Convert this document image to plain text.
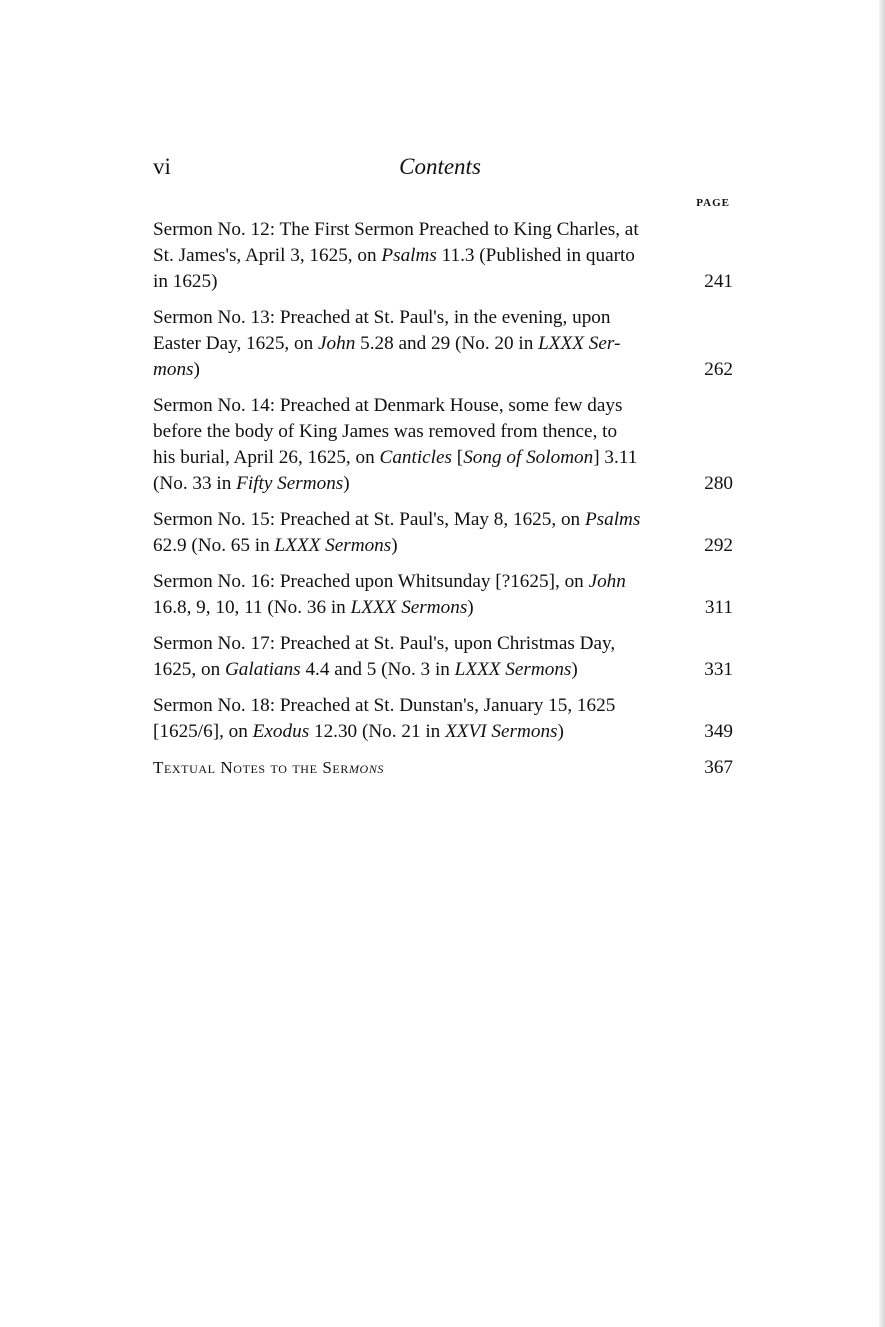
vi	Contents
PAGE
Sermon No. 12: The First Sermon Preached to King Charles, at
St. James's, April 3, 1625, on Psalms 11.3 (Published in quarto
in 1625)	241
Sermon No. 13: Preached at St. Paul's, in the evening, upon
Easter Day, 1625, on John 5.28 and 29 (No. 20 in LXXX Ser-
mons)	262
Sermon No. 14: Preached at Denmark House, some few days
before the body of King James was removed from thence, to
his burial, April 26, 1625, on Canticles [Song of Solomon] 3.11
(No. 33 in Fifty Sermons)	280
Sermon No. 15: Preached at St. Paul's, May 8, 1625, on Psalms
62.9 (No. 65 in LXXX Sermons)	292
Sermon No. 16: Preached upon Whitsunday [?1625], on John
16.8, 9, 10, 11 (No. 36 in LXXX Sermons)	311
Sermon No. 17: Preached at St. Paul's, upon Christmas Day,
1625, on Galatians 4.4 and 5 (No. 3 in LXXX Sermons)	331
Sermon No. 18: Preached at St. Dunstan's, January 15, 1625
[1625/6], on Exodus 12.30 (No. 21 in XXVI Sermons)	349
Textual Notes to the Sermons	367
